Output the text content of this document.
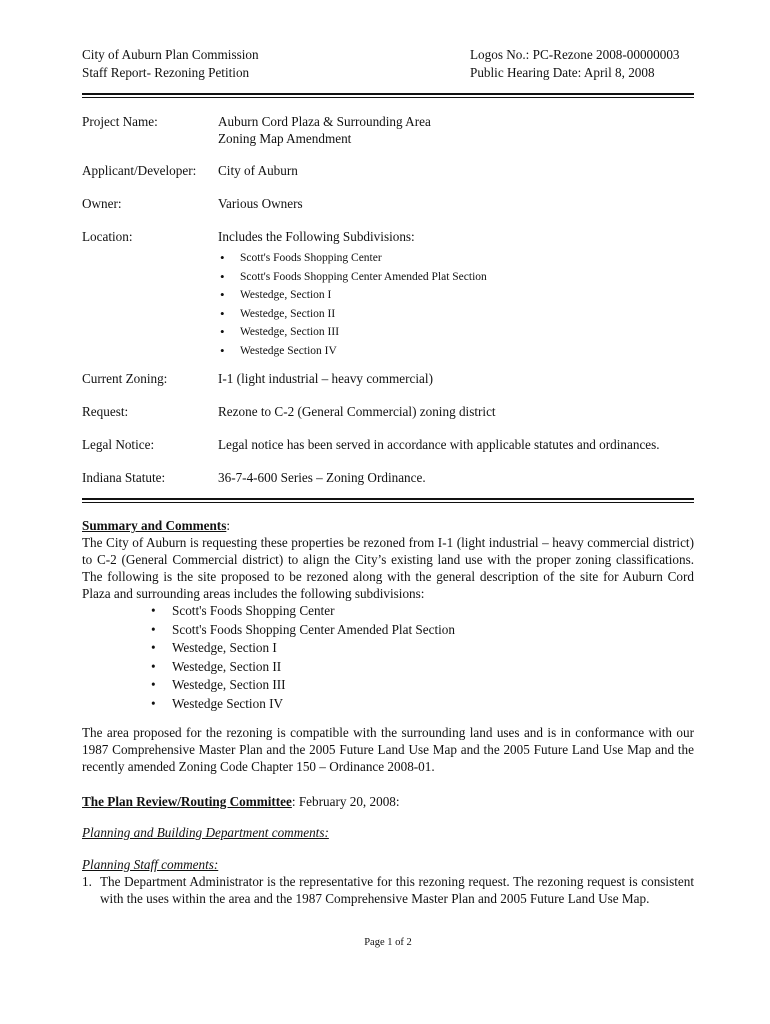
City of Auburn Plan Commission
Staff Report- Rezoning Petition
Logos No.: PC-Rezone 2008-00000003
Public Hearing Date: April 8, 2008
Project Name:	Auburn Cord Plaza & Surrounding Area
Zoning Map Amendment
Applicant/Developer: City of Auburn
Owner:	Various Owners
Location:	Includes the Following Subdivisions:
• Scott's Foods Shopping Center
• Scott's Foods Shopping Center Amended Plat Section
• Westedge, Section I
• Westedge, Section II
• Westedge, Section III
• Westedge Section IV
Current Zoning:	I-1 (light industrial – heavy commercial)
Request:	Rezone to C-2 (General Commercial) zoning district
Legal Notice:	Legal notice has been served in accordance with applicable statutes and ordinances.
Indiana Statute:	36-7-4-600 Series – Zoning Ordinance.
Summary and Comments:
The City of Auburn is requesting these properties be rezoned from I-1 (light industrial – heavy commercial district) to C-2 (General Commercial district) to align the City’s existing land use with the proper zoning classifications. The following is the site proposed to be rezoned along with the general description of the site for Auburn Cord Plaza and surrounding areas includes the following subdivisions:
• Scott's Foods Shopping Center
• Scott's Foods Shopping Center Amended Plat Section
• Westedge, Section I
• Westedge, Section II
• Westedge, Section III
• Westedge Section IV
The area proposed for the rezoning is compatible with the surrounding land uses and is in conformance with our 1987 Comprehensive Master Plan and the 2005 Future Land Use Map and the 2005 Future Land Use Map and the recently amended Zoning Code Chapter 150 – Ordinance 2008-01.
The Plan Review/Routing Committee: February 20, 2008:
Planning and Building Department comments:
Planning Staff comments:
1. The Department Administrator is the representative for this rezoning request. The rezoning request is consistent with the uses within the area and the 1987 Comprehensive Master Plan and 2005 Future Land Use Map.
Page 1 of 2
